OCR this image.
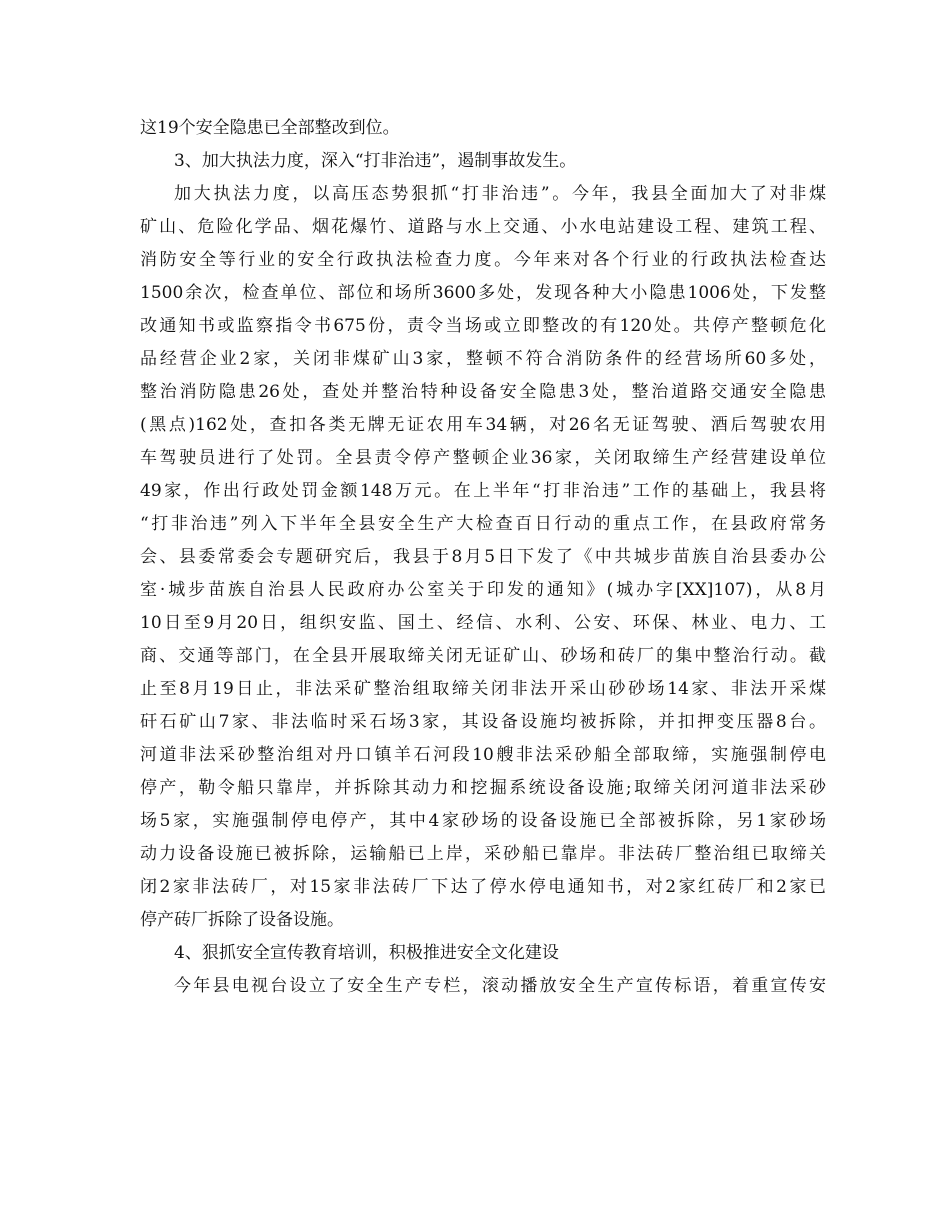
这19个安全隐患已全部整改到位。
3、加大执法力度，深入“打非治违”，遏制事故发生。
加大执法力度，以高压态势狠抓“打非治违”。今年，我县全面加大了对非煤
矿山、危险化学品、烟花爆竹、道路与水上交通、小水电站建设工程、建筑工程、
消防安全等行业的安全行政执法检查力度。今年来对各个行业的行政执法检查达
1500余次，检查单位、部位和场所3600多处，发现各种大小隐患1006处，下发整
改通知书或监察指令书675份，责令当场或立即整改的有120处。共停产整顿危化
品经营企业2家，关闭非煤矿山3家，整顿不符合消防条件的经营场所60多处，
整治消防隐患26处，查处并整治特种设备安全隐患3处，整治道路交通安全隐患
(黑点)162处，查扣各类无牌无证农用车34辆，对26名无证驾驶、酒后驾驶农用
车驾驶员进行了处罚。全县责令停产整顿企业36家，关闭取缔生产经营建设单位
49家，作出行政处罚金额148万元。在上半年“打非治违”工作的基础上，我县将
“打非治违”列入下半年全县安全生产大检查百日行动的重点工作，在县政府常务
会、县委常委会专题研究后，我县于8月5日下发了《中共城步苗族自治县委办公
室·城步苗族自治县人民政府办公室关于印发的通知》(城办字[XX]107)，从8月
10日至9月20日，组织安监、国土、经信、水利、公安、环保、林业、电力、工
商、交通等部门，在全县开展取缔关闭无证矿山、砂场和砖厂的集中整治行动。截
止至8月19日止，非法采矿整治组取缔关闭非法开采山砂砂场14家、非法开采煤
矸石矿山7家、非法临时采石场3家，其设备设施均被拆除，并扣押变压器8台。
河道非法采砂整治组对丹口镇羊石河段10艘非法采砂船全部取缔，实施强制停电
停产，勒令船只靠岸，并拆除其动力和挖掘系统设备设施;取缔关闭河道非法采砂
场5家，实施强制停电停产，其中4家砂场的设备设施已全部被拆除，另1家砂场
动力设备设施已被拆除，运输船已上岸，采砂船已靠岸。非法砖厂整治组已取缔关
闭2家非法砖厂，对15家非法砖厂下达了停水停电通知书，对2家红砖厂和2家已
停产砖厂拆除了设备设施。
4、狠抓安全宣传教育培训，积极推进安全文化建设
今年县电视台设立了安全生产专栏，滚动播放安全生产宣传标语，着重宣传安
